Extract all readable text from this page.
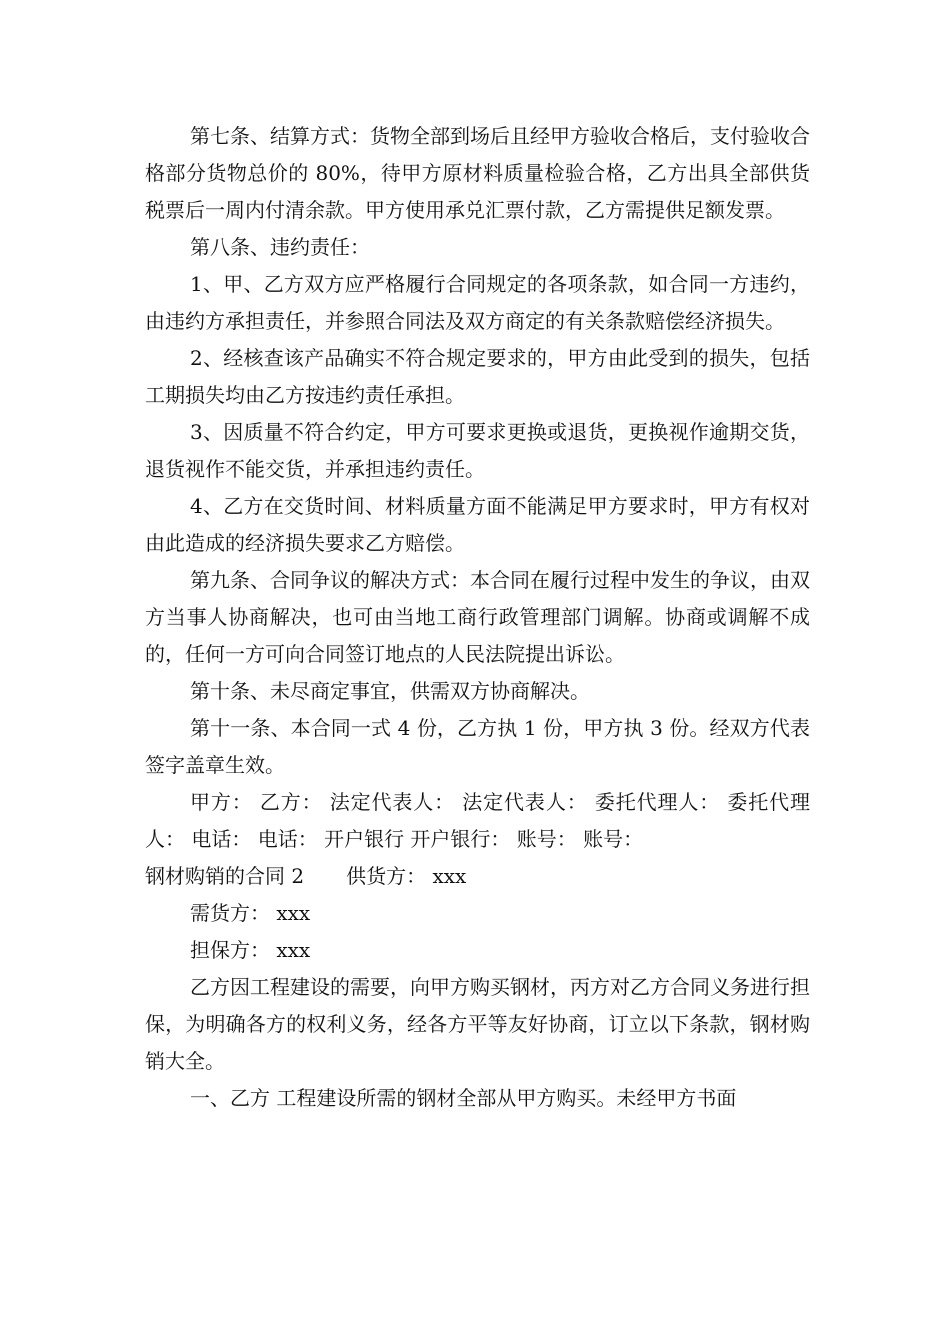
第七条、结算方式：货物全部到场后且经甲方验收合格后，支付验收合格部分货物总价的 80%，待甲方原材料质量检验合格，乙方出具全部供货税票后一周内付清余款。甲方使用承兑汇票付款，乙方需提供足额发票。

第八条、违约责任：

1、甲、乙方双方应严格履行合同规定的各项条款，如合同一方违约，由违约方承担责任，并参照合同法及双方商定的有关条款赔偿经济损失。

2、经核查该产品确实不符合规定要求的，甲方由此受到的损失，包括工期损失均由乙方按违约责任承担。

3、因质量不符合约定，甲方可要求更换或退货，更换视作逾期交货，退货视作不能交货，并承担违约责任。

4、乙方在交货时间、材料质量方面不能满足甲方要求时，甲方有权对由此造成的经济损失要求乙方赔偿。

第九条、合同争议的解决方式：本合同在履行过程中发生的争议，由双方当事人协商解决，也可由当地工商行政管理部门调解。协商或调解不成的，任何一方可向合同签订地点的人民法院提出诉讼。

第十条、未尽商定事宜，供需双方协商解决。

第十一条、本合同一式 4 份，乙方执 1 份，甲方执 3 份。经双方代表签字盖章生效。

甲方： 乙方： 法定代表人： 法定代表人： 委托代理人： 委托代理人： 电话： 电话： 开户银行 开户银行： 账号： 账号：

钢材购销的合同 2 供货方： xxx

需货方： xxx

担保方： xxx

乙方因工程建设的需要，向甲方购买钢材，丙方对乙方合同义务进行担保，为明确各方的权利义务，经各方平等友好协商，订立以下条款，钢材购销大全。

一、乙方 工程建设所需的钢材全部从甲方购买。未经甲方书面
